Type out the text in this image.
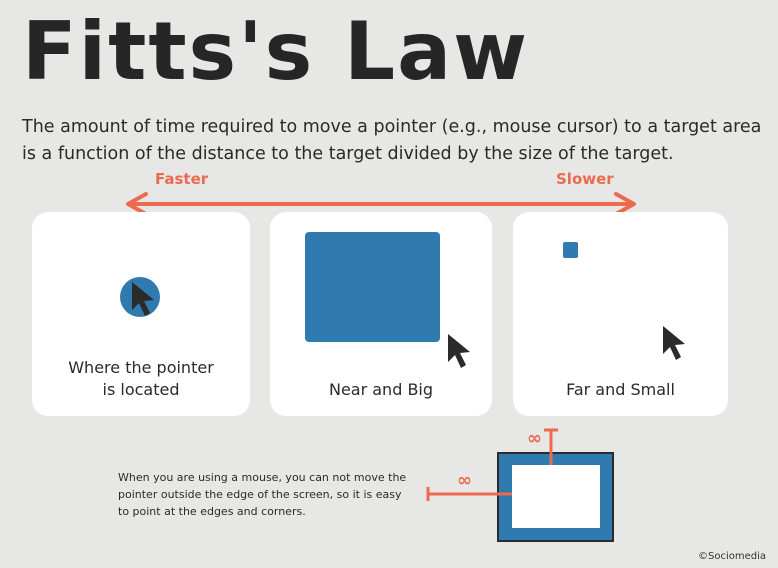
Fitts's Law
The amount of time required to move a pointer (e.g., mouse cursor) to a target area is a function of the distance to the target divided by the size of the target.
Faster	Slower
Where the pointer
is located	Near and Big	Far and Small
When you are using a mouse, you can not move the pointer outside the edge of the screen, so it is easy to point at the edges and corners.
∞
∞
©Sociomedia
